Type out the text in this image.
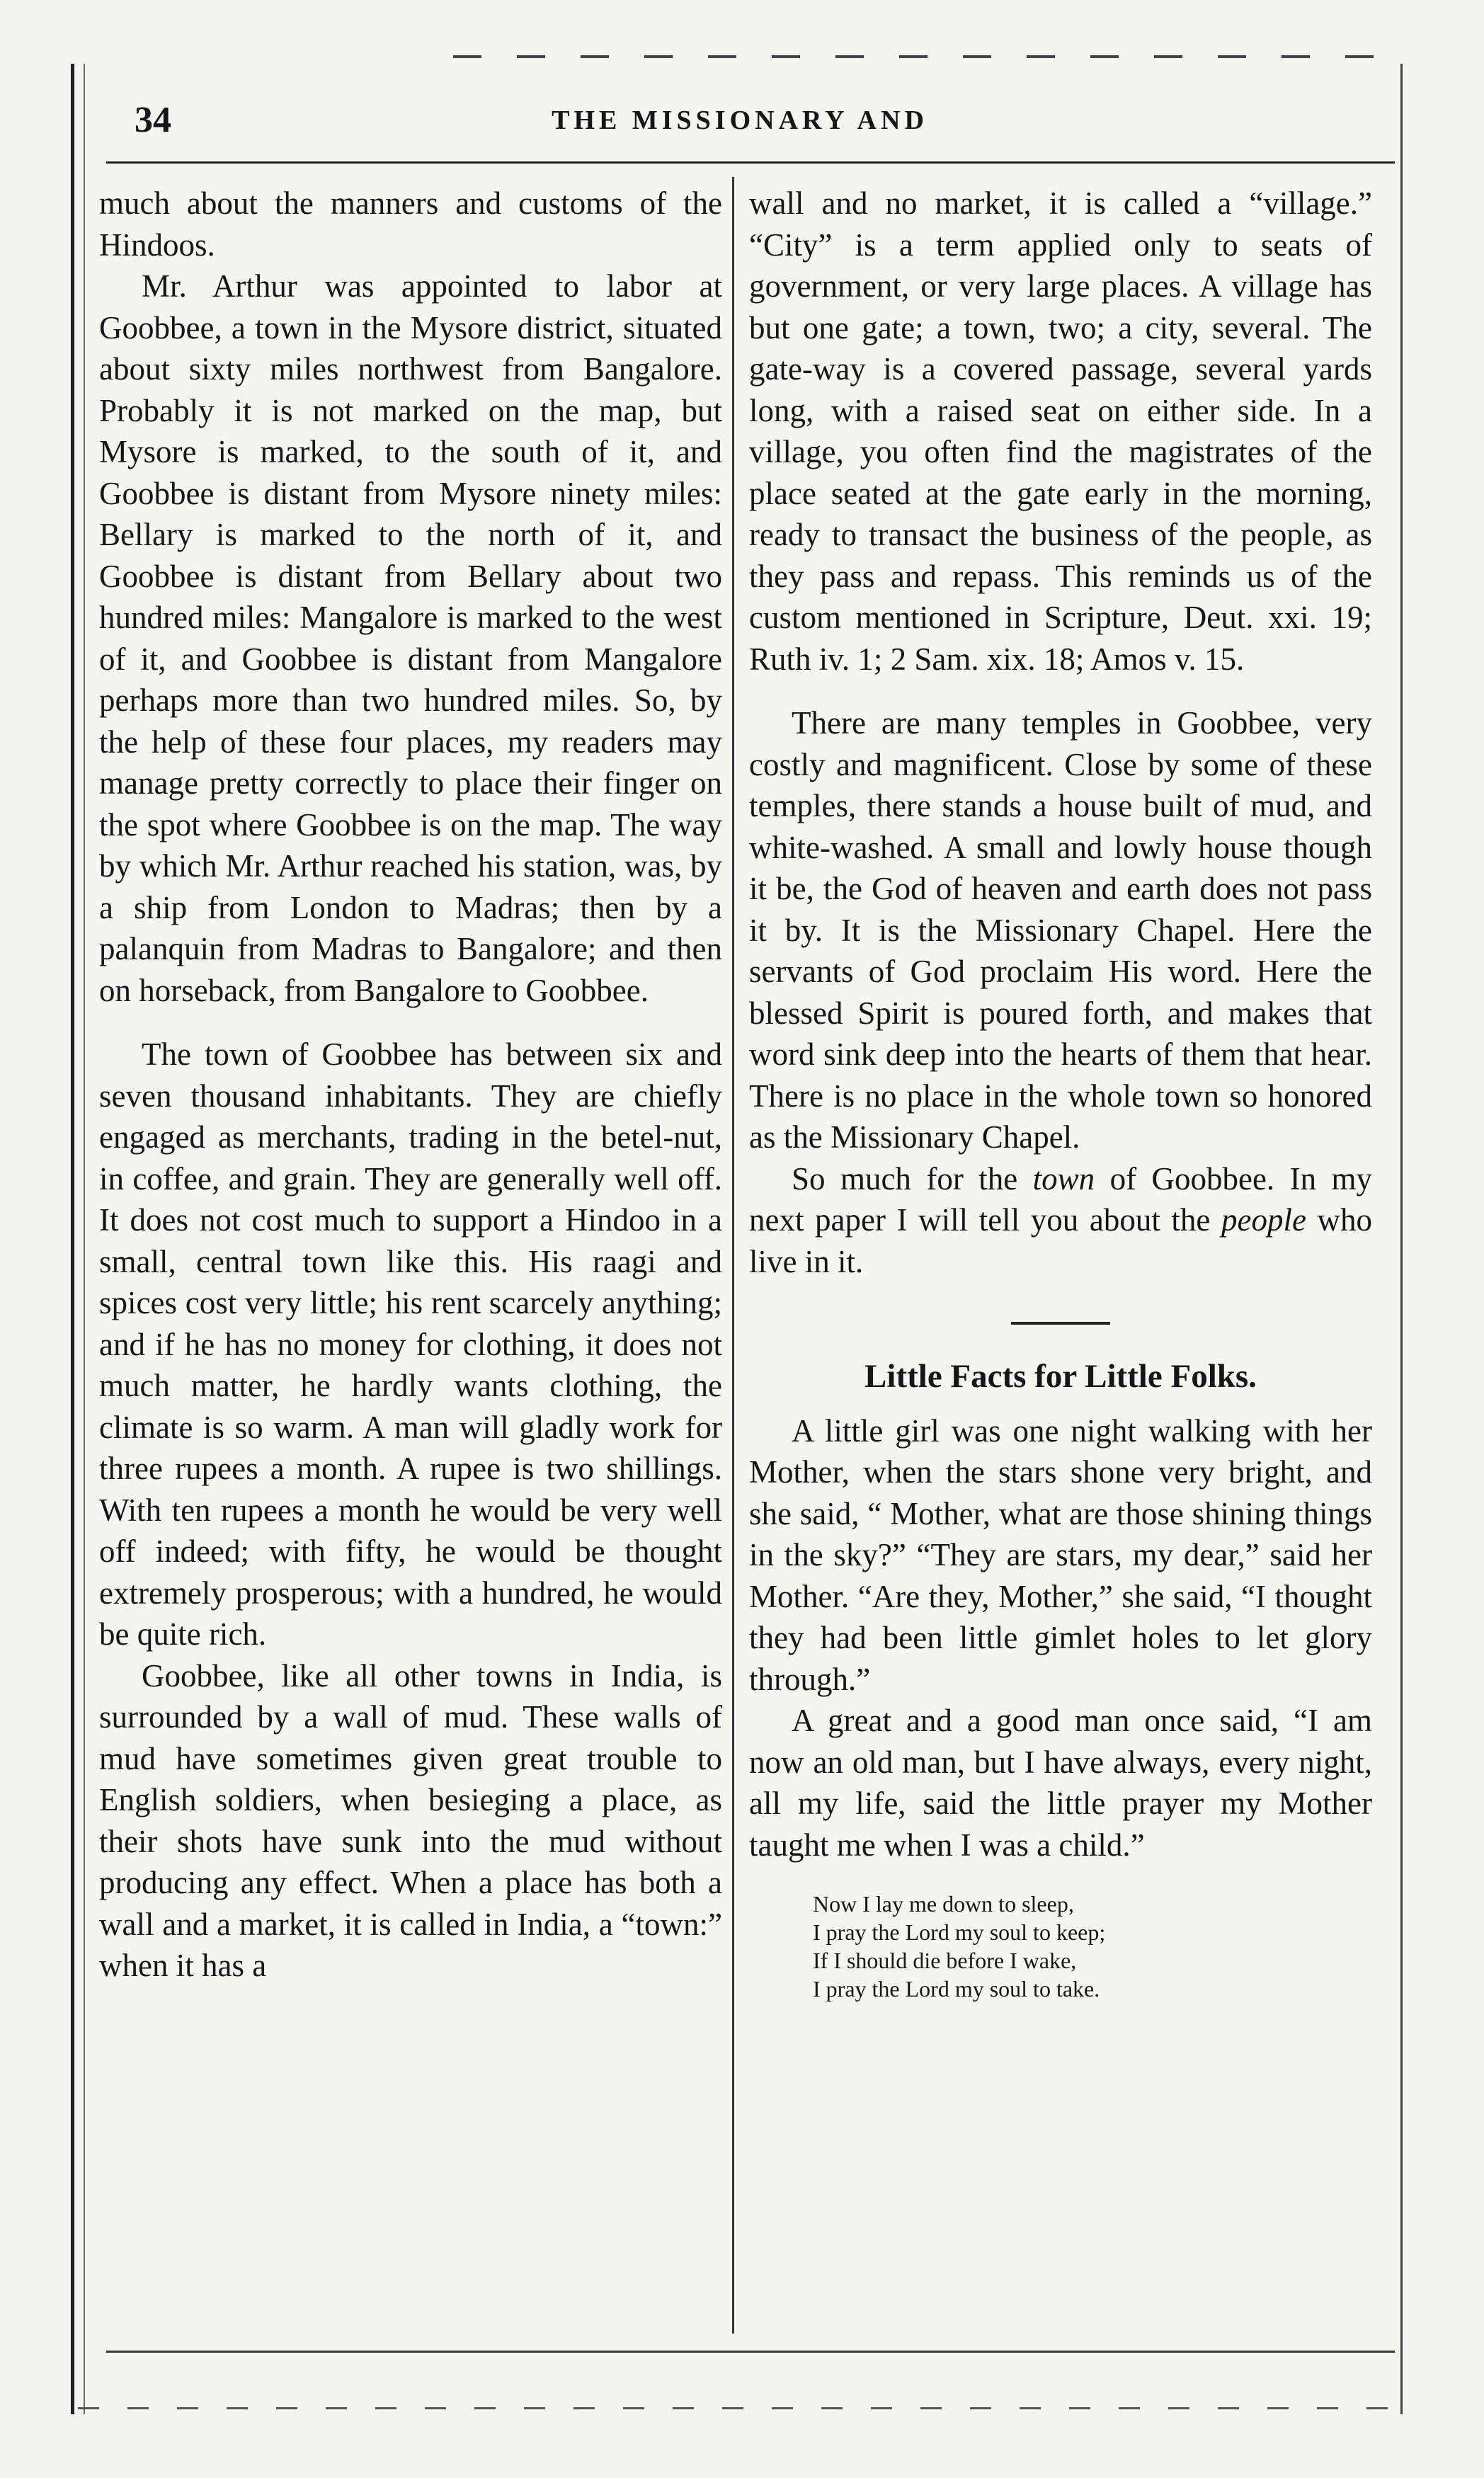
34	THE MISSIONARY AND

much about the manners and customs of the Hindoos.

Mr. Arthur was appointed to labor at Goobbee, a town in the Mysore district, situated about sixty miles northwest from Bangalore. Probably it is not marked on the map, but Mysore is marked, to the south of it, and Goobbee is distant from Mysore ninety miles: Bellary is marked to the north of it, and Goobbee is distant from Bellary about two hundred miles: Mangalore is marked to the west of it, and Goobbee is distant from Mangalore perhaps more than two hundred miles. So, by the help of these four places, my readers may manage pretty correctly to place their finger on the spot where Goobbee is on the map. The way by which Mr. Arthur reached his station, was, by a ship from London to Madras; then by a palanquin from Madras to Bangalore; and then on horseback, from Bangalore to Goobbee.

The town of Goobbee has between six and seven thousand inhabitants. They are chiefly engaged as merchants, trading in the betel-nut, in coffee, and grain. They are generally well off. It does not cost much to support a Hindoo in a small, central town like this. His raagi and spices cost very little; his rent scarcely anything; and if he has no money for clothing, it does not much matter, he hardly wants clothing, the climate is so warm. A man will gladly work for three rupees a month. A rupee is two shillings. With ten rupees a month he would be very well off indeed; with fifty, he would be thought extremely prosperous; with a hundred, he would be quite rich.

Goobbee, like all other towns in India, is surrounded by a wall of mud. These walls of mud have sometimes given great trouble to English soldiers, when besieging a place, as their shots have sunk into the mud without producing any effect. When a place has both a wall and a market, it is called in India, a “town:” when it has a

wall and no market, it is called a “village.” “City” is a term applied only to seats of government, or very large places. A village has but one gate; a town, two; a city, several. The gate-way is a covered passage, several yards long, with a raised seat on either side. In a village, you often find the magistrates of the place seated at the gate early in the morning, ready to transact the business of the people, as they pass and repass. This reminds us of the custom mentioned in Scripture, Deut. xxi. 19; Ruth iv. 1; 2 Sam. xix. 18; Amos v. 15.

There are many temples in Goobbee, very costly and magnificent. Close by some of these temples, there stands a house built of mud, and white-washed. A small and lowly house though it be, the God of heaven and earth does not pass it by. It is the Missionary Chapel. Here the servants of God proclaim His word. Here the blessed Spirit is poured forth, and makes that word sink deep into the hearts of them that hear. There is no place in the whole town so honored as the Missionary Chapel.

So much for the town of Goobbee. In my next paper I will tell you about the people who live in it.

Little Facts for Little Folks.

A little girl was one night walking with her Mother, when the stars shone very bright, and she said, “ Mother, what are those shining things in the sky?” “They are stars, my dear,” said her Mother. “Are they, Mother,” she said, “I thought they had been little gimlet holes to let glory through.”

A great and a good man once said, “I am now an old man, but I have always, every night, all my life, said the little prayer my Mother taught me when I was a child.”

Now I lay me down to sleep,
I pray the Lord my soul to keep;
If I should die before I wake,
I pray the Lord my soul to take.
